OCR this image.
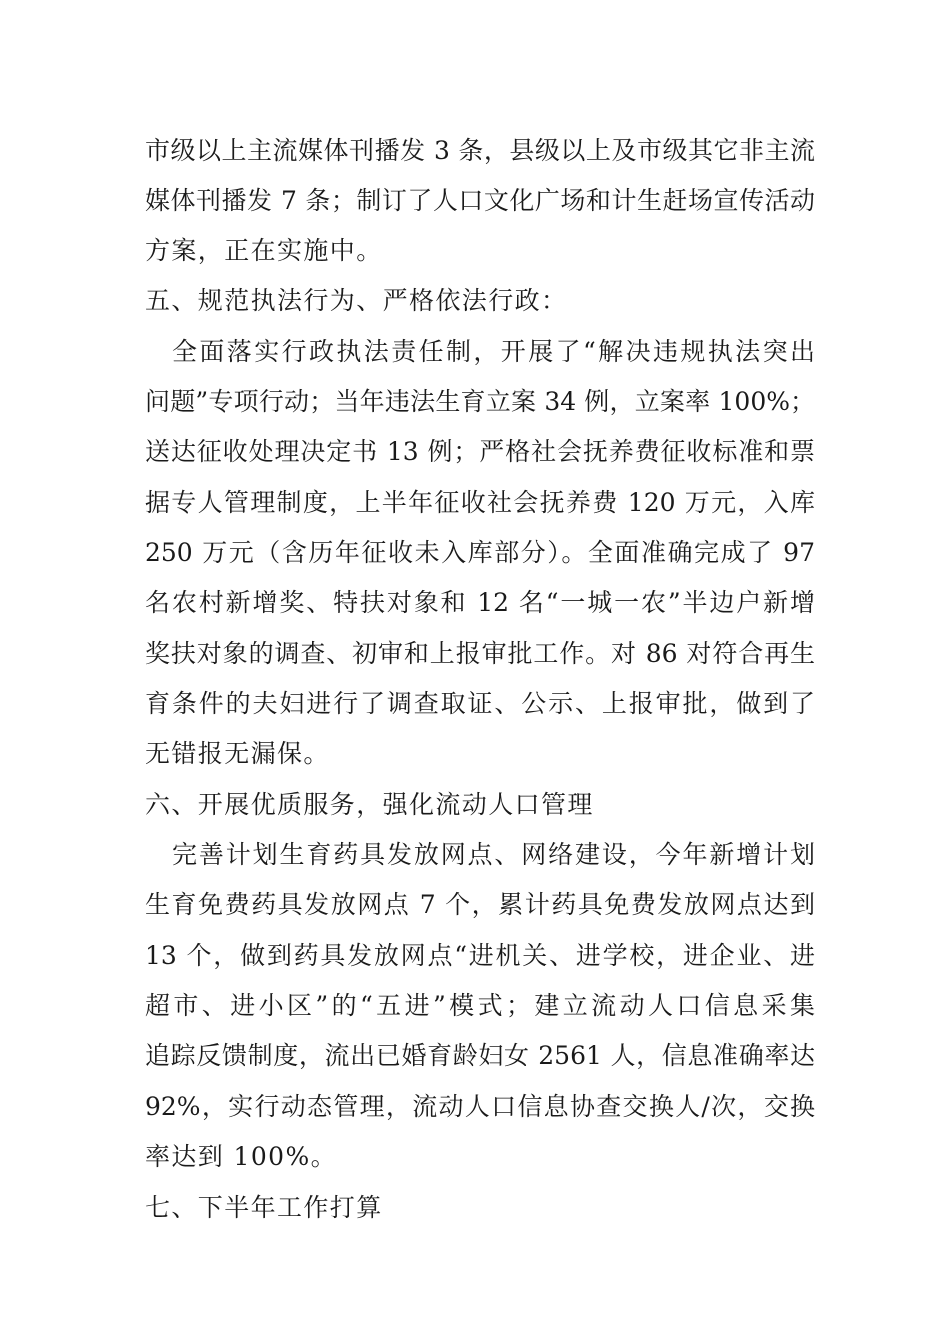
市级以上主流媒体刊播发 3 条，县级以上及市级其它非主流
媒体刊播发 7 条；制订了人口文化广场和计生赶场宣传活动
方案，正在实施中。
五、规范执法行为、严格依法行政：
全面落实行政执法责任制，开展了“解决违规执法突出
问题”专项行动；当年违法生育立案 34 例，立案率 100%；
送达征收处理决定书 13 例；严格社会抚养费征收标准和票
据专人管理制度，上半年征收社会抚养费 120 万元，入库
250 万元（含历年征收未入库部分）。全面准确完成了 97
名农村新增奖、特扶对象和 12 名“一城一农”半边户新增
奖扶对象的调查、初审和上报审批工作。对 86 对符合再生
育条件的夫妇进行了调查取证、公示、上报审批，做到了
无错报无漏保。
六、开展优质服务，强化流动人口管理
完善计划生育药具发放网点、网络建设，今年新增计划
生育免费药具发放网点 7 个，累计药具免费发放网点达到
13 个，做到药具发放网点“进机关、进学校，进企业、进
超市、进小区”的“五进”模式；建立流动人口信息采集
追踪反馈制度，流出已婚育龄妇女 2561 人，信息准确率达
92%，实行动态管理，流动人口信息协查交换人/次，交换
率达到 100%。
七、下半年工作打算
